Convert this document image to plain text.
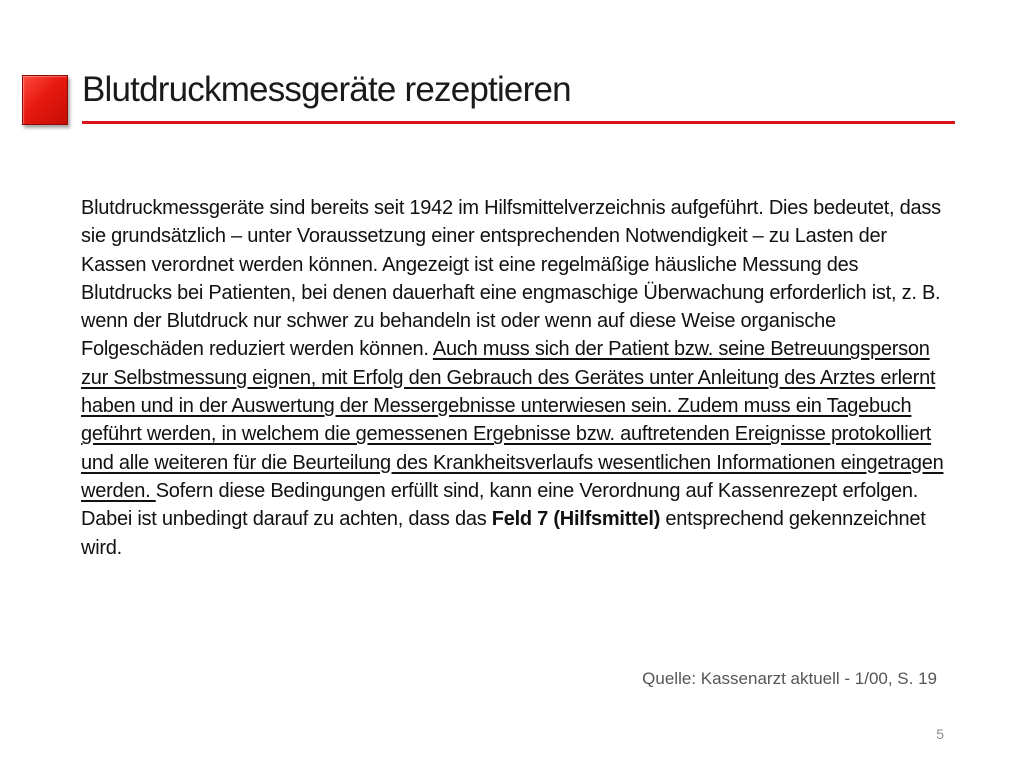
Blutdruckmessgeräte rezeptieren
Blutdruckmessgeräte sind bereits seit 1942 im Hilfsmittelverzeichnis aufgeführt. Dies bedeutet, dass sie grundsätzlich – unter Voraussetzung einer entsprechenden Notwendigkeit – zu Lasten der Kassen verordnet werden können. Angezeigt ist eine regelmäßige häusliche Messung des Blutdrucks bei Patienten, bei denen dauerhaft eine engmaschige Überwachung erforderlich ist, z. B. wenn der Blutdruck nur schwer zu behandeln ist oder wenn auf diese Weise organische Folgeschäden reduziert werden können. Auch muss sich der Patient bzw. seine Betreuungsperson zur Selbstmessung eignen, mit Erfolg den Gebrauch des Gerätes unter Anleitung des Arztes erlernt haben und in der Auswertung der Messergebnisse unterwiesen sein. Zudem muss ein Tagebuch geführt werden, in welchem die gemessenen Ergebnisse bzw. auftretenden Ereignisse protokolliert und alle weiteren für die Beurteilung des Krankheitsverlaufs wesentlichen Informationen eingetragen werden. Sofern diese Bedingungen erfüllt sind, kann eine Verordnung auf Kassenrezept erfolgen. Dabei ist unbedingt darauf zu achten, dass das Feld 7 (Hilfsmittel) entsprechend gekennzeichnet wird.
Quelle: Kassenarzt aktuell - 1/00, S. 19
5
